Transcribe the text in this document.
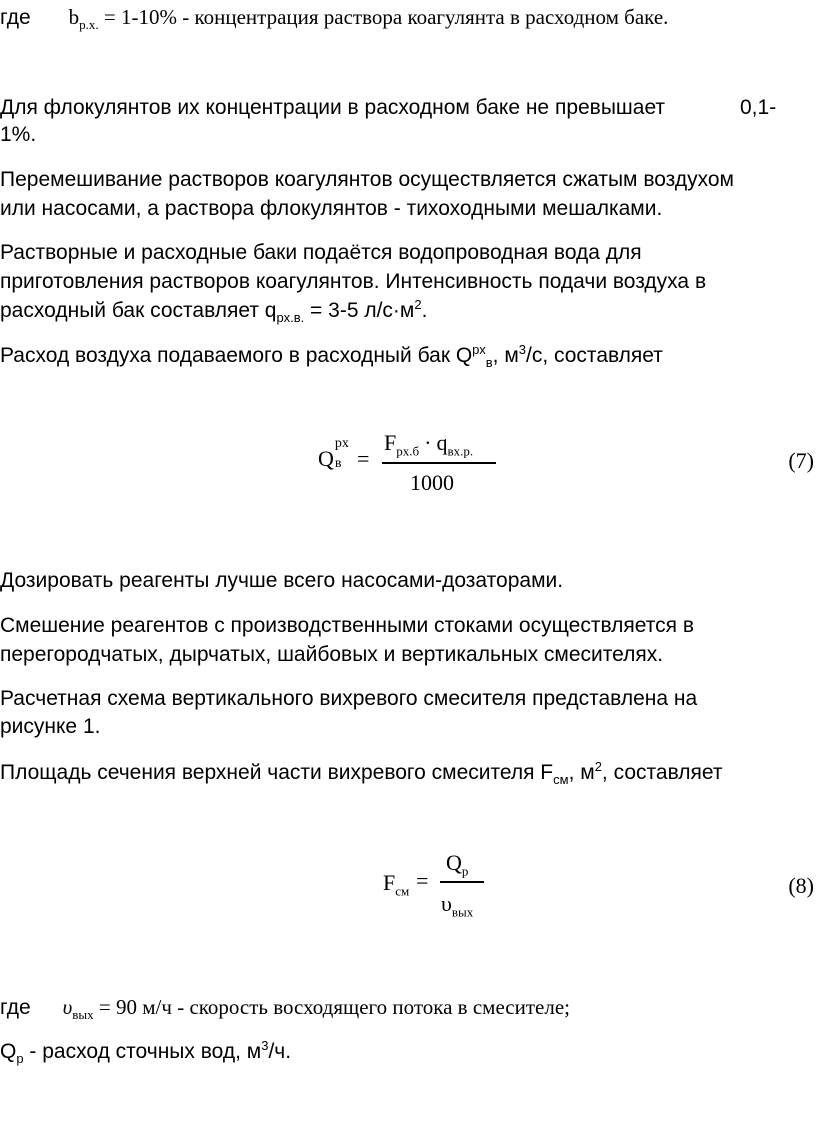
где $b_{р.х.} = 1-10\%$ - концентрация раствора коагулянта в расходном баке.
Для флокулянтов их концентрации в расходном баке не превышает	0,1-
1%.
Перемешивание растворов коагулянтов осуществляется сжатым воздухом
или насосами, а раствора флокулянтов - тихоходными мешалками.
Растворные и расходные баки подаётся водопроводная вода для
приготовления растворов коагулянтов. Интенсивность подачи воздуха в
расходный бак составляет $q_{рх.в.} = 3-5$ $л/с\cdot м^2$.
Расход воздуха подаваемого в расходный бак $Q^{рх}_в$, $м^3/с$, составляет
Q
рх
в =
$F_{рх.б} \cdot q_{вх.р.}$
1000
(7)
Дозировать реагенты лучше всего насосами-дозаторами.
Смешение реагентов с производственными стоками осуществляется в
перегородчатых, дырчатых, шайбовых и вертикальных смесителях.
Расчетная схема вертикального вихревого смесителя представлена на
рисунке 1.
Площадь сечения верхней части вихревого смесителя $F_{см}$, $м^2$, составляет
$F_{см}$ =
$Q_р$
$\upsilon_{вых}$
(8)
где $\upsilon_{вых} = 90$ м/ч - скорость восходящего потока в смесителе;
$Q_р$ - расход сточных вод, $м^3/ч$.
